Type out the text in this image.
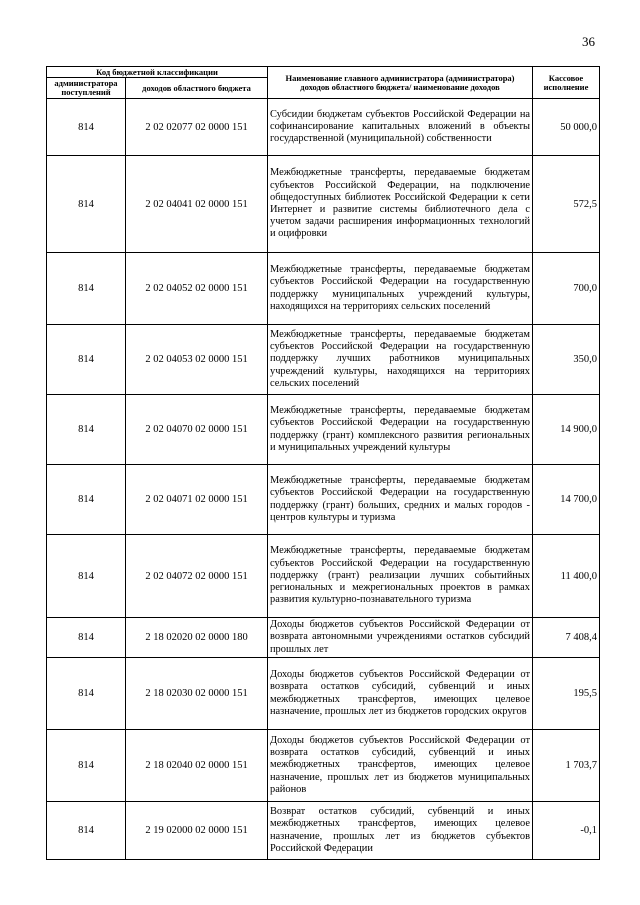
36
Код бюджетной классификации		Наименование главного администратора (администратора) доходов областного бюджета/ наименование доходов	Кассовое исполнение
администратора поступлений	доходов областного бюджета		
814	2 02 02077 02 0000 151	Субсидии бюджетам субъектов Российской Федерации на софинансирование капитальных вложений в объекты государственной (муниципальной) собственности	50 000,0
814	2 02 04041 02 0000 151	Межбюджетные трансферты, передаваемые бюджетам субъектов Российской Федерации, на подключение общедоступных библиотек Российской Федерации к сети Интернет и развитие системы библиотечного дела с учетом задачи расширения информационных технологий и оцифровки	572,5
814	2 02 04052 02 0000 151	Межбюджетные трансферты, передаваемые бюджетам субъектов Российской Федерации на государственную поддержку муниципальных учреждений культуры, находящихся на территориях сельских поселений	700,0
814	2 02 04053 02 0000 151	Межбюджетные трансферты, передаваемые бюджетам субъектов Российской Федерации на государственную поддержку лучших работников муниципальных учреждений культуры, находящихся на территориях сельских поселений	350,0
814	2 02 04070 02 0000 151	Межбюджетные трансферты, передаваемые бюджетам субъектов Российской Федерации на государственную поддержку (грант) комплексного развития региональных и муниципальных учреждений культуры	14 900,0
814	2 02 04071 02 0000 151	Межбюджетные трансферты, передаваемые бюджетам субъектов Российской Федерации на государственную поддержку (грант) больших, средних и малых городов - центров культуры и туризма	14 700,0
814	2 02 04072 02 0000 151	Межбюджетные трансферты, передаваемые бюджетам субъектов Российской Федерации на государственную поддержку (грант) реализации лучших событийных региональных и межрегиональных проектов в рамках развития культурно-познавательного туризма	11 400,0
814	2 18 02020 02 0000 180	Доходы бюджетов субъектов Российской Федерации от возврата автономными учреждениями остатков субсидий прошлых лет	7 408,4
814	2 18 02030 02 0000 151	Доходы бюджетов субъектов Российской Федерации от возврата остатков субсидий, субвенций и иных межбюджетных трансфертов, имеющих целевое назначение, прошлых лет из бюджетов городских округов	195,5
814	2 18 02040 02 0000 151	Доходы бюджетов субъектов Российской Федерации от возврата остатков субсидий, субвенций и иных межбюджетных трансфертов, имеющих целевое назначение, прошлых лет из бюджетов муниципальных районов	1 703,7
814	2 19 02000 02 0000 151	Возврат остатков субсидий, субвенций и иных межбюджетных трансфертов, имеющих целевое назначение, прошлых лет из бюджетов субъектов Российской Федерации	-0,1
